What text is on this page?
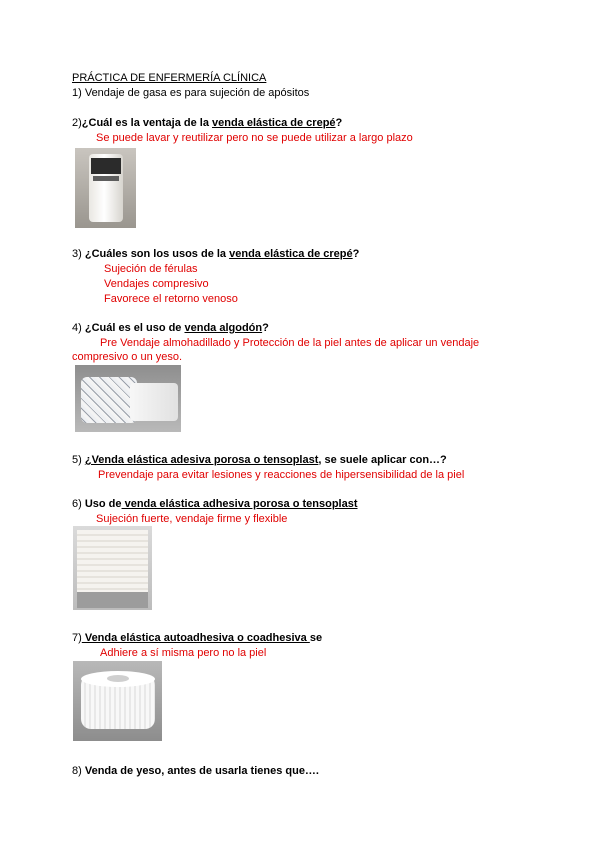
PRÁCTICA DE ENFERMERÍA CLÍNICA
1) Vendaje de gasa es para sujeción de apósitos
2)¿Cuál es la ventaja de la venda elástica de crepé?
Se puede lavar y reutilizar pero no se puede utilizar a largo plazo
3) ¿Cuáles son los usos de la venda elástica de crepé?
Sujeción de férulas
Vendajes compresivo
Favorece el retorno venoso
4) ¿Cuál es el uso de venda algodón?
Pre Vendaje almohadillado y Protección de la piel antes de aplicar un vendaje
compresivo o un yeso.
5) ¿Venda elástica adesiva porosa o tensoplast, se suele aplicar con…?
Prevendaje para evitar lesiones y reacciones de hipersensibilidad de la piel
6) Uso de venda elástica adhesiva porosa o tensoplast
Sujeción fuerte, vendaje firme y flexible
7) Venda elástica autoadhesiva o coadhesiva se
Adhiere a sí misma pero no la piel
8) Venda de yeso, antes de usarla tienes que….
